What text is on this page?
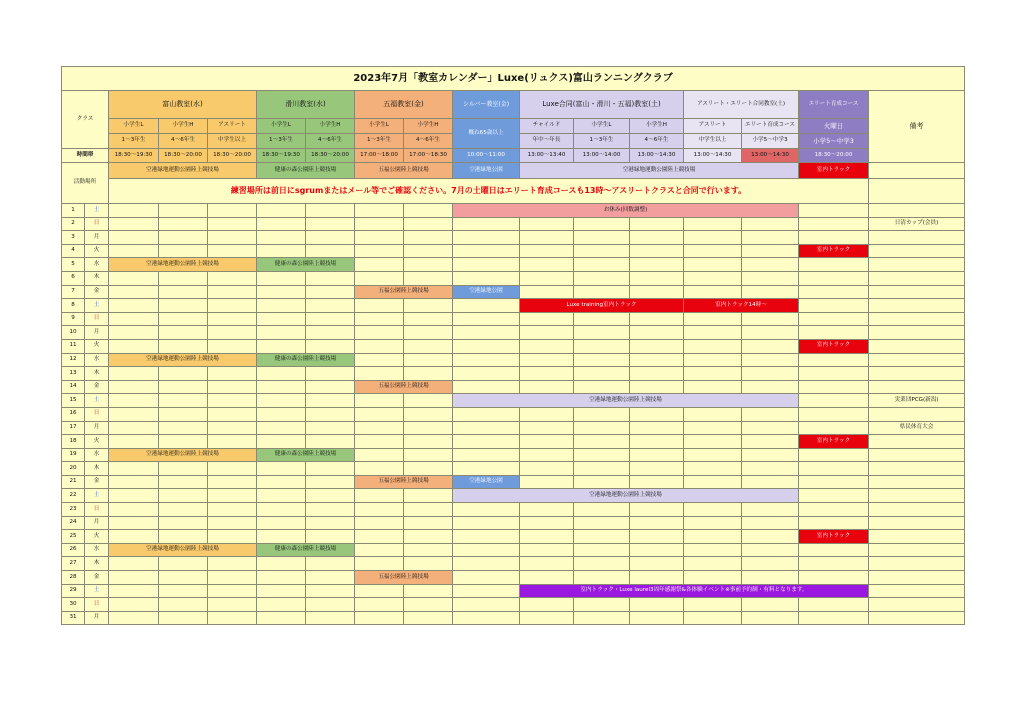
2023年7月「教室カレンダー」Luxe(リュクス)富山ランニングクラブ																
クラス		富山教室(水)			滑川教室(水)		五福教室(金)		シルバー教室(金)	Luxe合同(富山・滑川・五福)教室(土)			アスリート・エリート合同教室(土)		エリート育成コース	備考
		小学生L	小学生H	アスリート	小学生L	小学生H	小学生L	小学生H	概ね65歳以上	チャイルド	小学生L	小学生H	アスリート	エリート育成コース	火曜日	
		1～3年生	4～6年生	中学生以上	1～3年生	4～6年生	1～3年生	4～6年生		年中～年長	1～3年生	4～6年生	中学生以上	小学5～中学3	小学5～中学3	
時間帯		18:30～19:30	18:30～20:00	18:30～20:00	18:30～19:30	18:30～20:00	17:00～18:00	17:00～18:30	10:00～11:00	13:00～13:40	13:00～14:00	13:00～14:30	13:00～14:30	13:00～14:30	18:30～20:00	
活動場所		空港緑地運動公園陸上競技場			健康の森公園陸上競技場		五福公園陸上競技場		空港緑地公園	空港緑地運動公園陸上競技場					室内トラック	
		練習場所は前日にsgrumまたはメール等でご確認ください。7月の土曜日はエリート育成コースも13時～アスリートクラスと合同で行います。														
1	土								お休み(回数調整)							
2	日															日清カップ(会員)
3	月															
4	火														室内トラック	
5	水	空港緑地運動公園陸上競技場			健康の森公園陸上競技場											
6	木															
7	金						五福公園陸上競技場		空港緑地公園							
8	土									Luxe training室内トラック			室内トラック14時～			
9	日															
10	月															
11	火														室内トラック	
12	水	空港緑地運動公園陸上競技場			健康の森公園陸上競技場											
13	木															
14	金						五福公園陸上競技場									
15	土								空港緑地運動公園陸上競技場							実業団PCG(新潟)
16	日															
17	月															県民体育大会
18	火														室内トラック	
19	水	空港緑地運動公園陸上競技場			健康の森公園陸上競技場											
20	木															
21	金						五福公園陸上競技場		空港緑地公園							
22	土								空港緑地運動公園陸上競技場							
23	日															
24	月															
25	火														室内トラック	
26	水	空港緑地運動公園陸上競技場			健康の森公園陸上競技場											
27	木															
28	金						五福公園陸上競技場									
29	土									室内トラック・Luxe laurel3周年感謝祭&各体験イベント※事前予約制・有料となります。						
30	日															
31	月															
